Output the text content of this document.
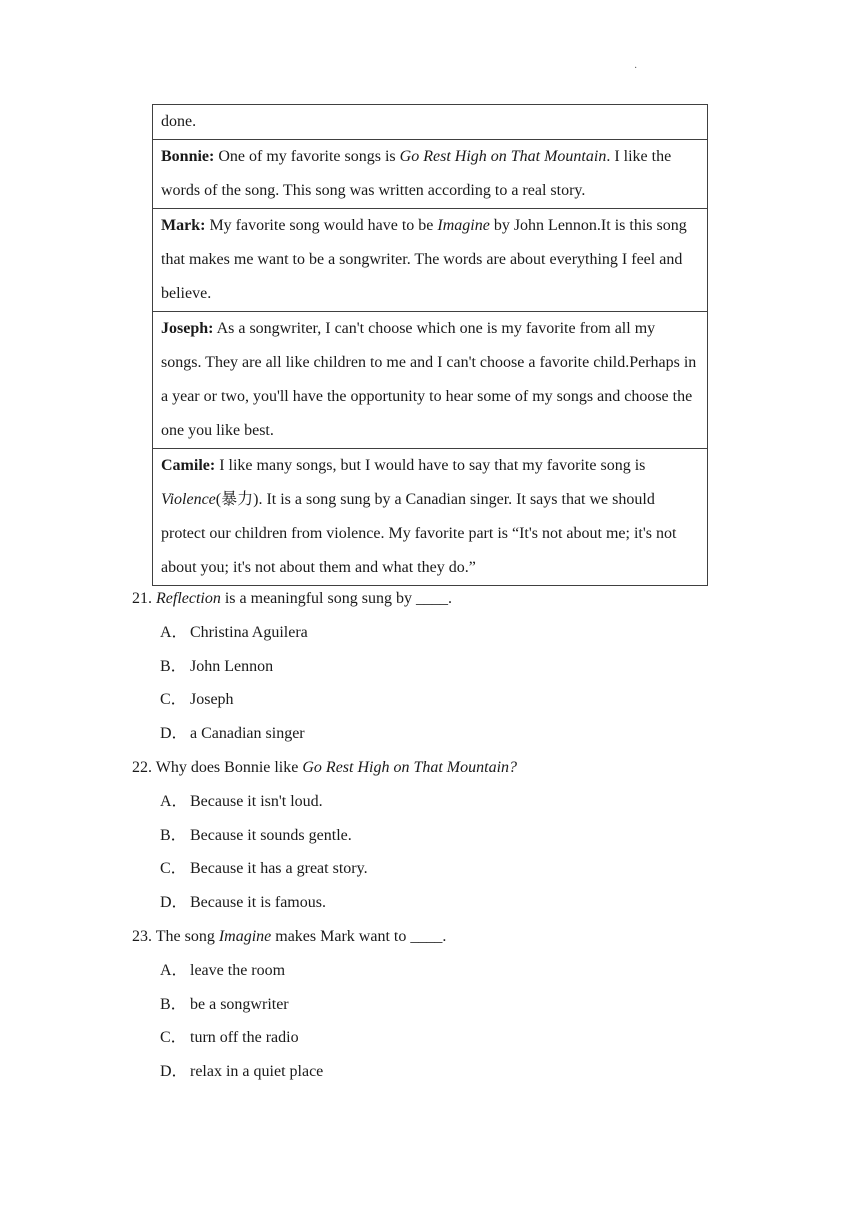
·
done.
Bonnie: One of my favorite songs is Go Rest High on That Mountain. I like the words of the song. This song was written according to a real story.
Mark: My favorite song would have to be Imagine by John Lennon.It is this song that makes me want to be a songwriter. The words are about everything I feel and believe.
Joseph: As a songwriter, I can't choose which one is my favorite from all my songs. They are all like children to me and I can't choose a favorite child.Perhaps in a year or two, you'll have the opportunity to hear some of my songs and choose the one you like best.
Camile: I like many songs, but I would have to say that my favorite song is Violence(暴力). It is a song sung by a Canadian singer. It says that we should protect our children from violence. My favorite part is “It's not about me; it's not about you; it's not about them and what they do.”

21. Reflection is a meaningful song sung by ____.

A． Christina Aguilera

B． John Lennon

C． Joseph

D． a Canadian singer

22. Why does Bonnie like Go Rest High on That Mountain?

A． Because it isn't loud.

B． Because it sounds gentle.

C． Because it has a great story.

D． Because it is famous.

23. The song Imagine makes Mark want to ____.

A． leave the room

B． be a songwriter

C． turn off the radio

D． relax in a quiet place
